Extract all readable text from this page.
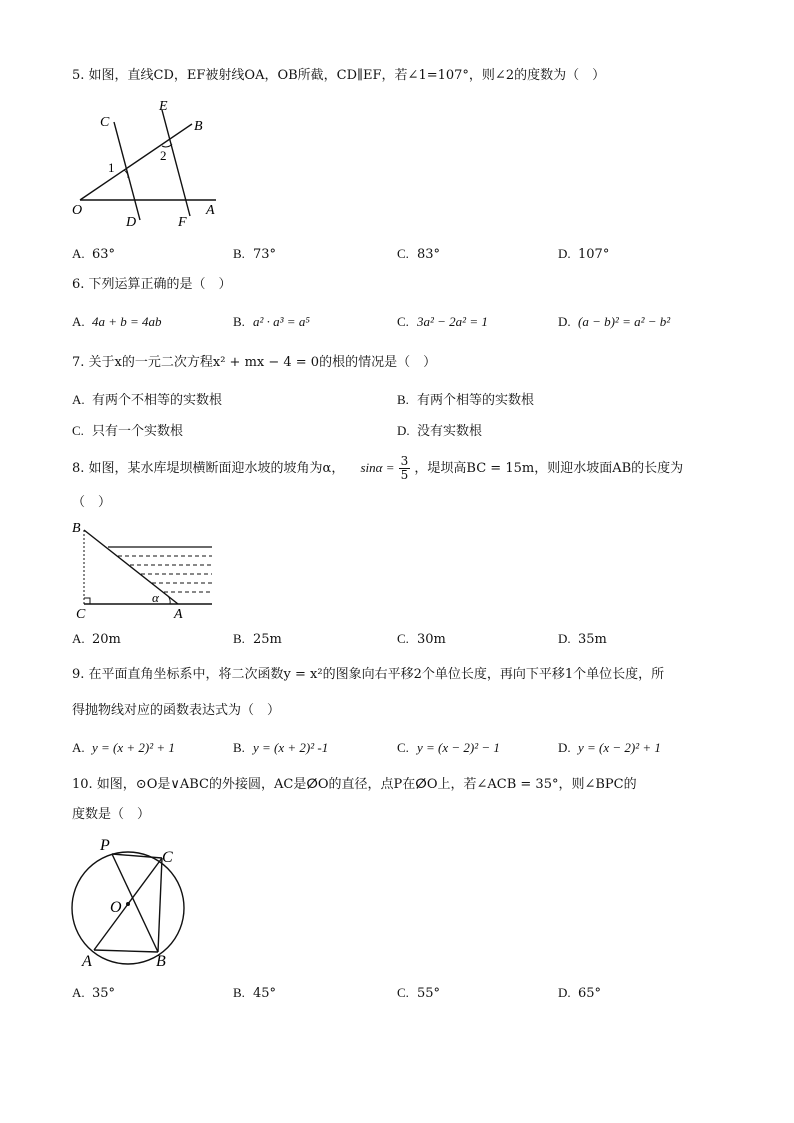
5. 如图，直线CD，EF被射线OA，OB所截，CD∥EF，若∠1=107°，则∠2的度数为（　）
C
E
B
1
2
O
D	F
A
A. 63°	B. 73°	C. 83°	D. 107°
6. 下列运算正确的是（　）
A. 4a + b = 4ab	B. a² · a³ = a⁵	C. 3a² − 2a² = 1	D. (a − b)² = a² − b²
7. 关于x的一元二次方程x² + mx − 4 = 0的根的情况是（　）
A. 有两个不相等的实数根	B. 有两个相等的实数根
C. 只有一个实数根	D. 没有实数根
8. 如图，某水库堤坝横断面迎水坡的坡角为α， $\sin\alpha = \frac{3}{5}$ ，堤坝高BC = 15m，则迎水坡面AB的长度为
（　）
B
C	A
α
A. 20m	B. 25m	C. 30m	D. 35m
9. 在平面直角坐标系中，将二次函数y = x²的图象向右平移2个单位长度，再向下平移1个单位长度，所
得抛物线对应的函数表达式为（　）
A. y = (x + 2)² + 1	B. y = (x + 2)² -1	C. y = (x − 2)² − 1	D. y = (x − 2)² + 1
10. 如图，⊙O是∨ABC的外接圆，AC是ⵁO的直径，点P在ⵁO上，若∠ACB = 35°，则∠BPC的
度数是（　）
P
C
O
A	B
A. 35°	B. 45°	C. 55°	D. 65°
